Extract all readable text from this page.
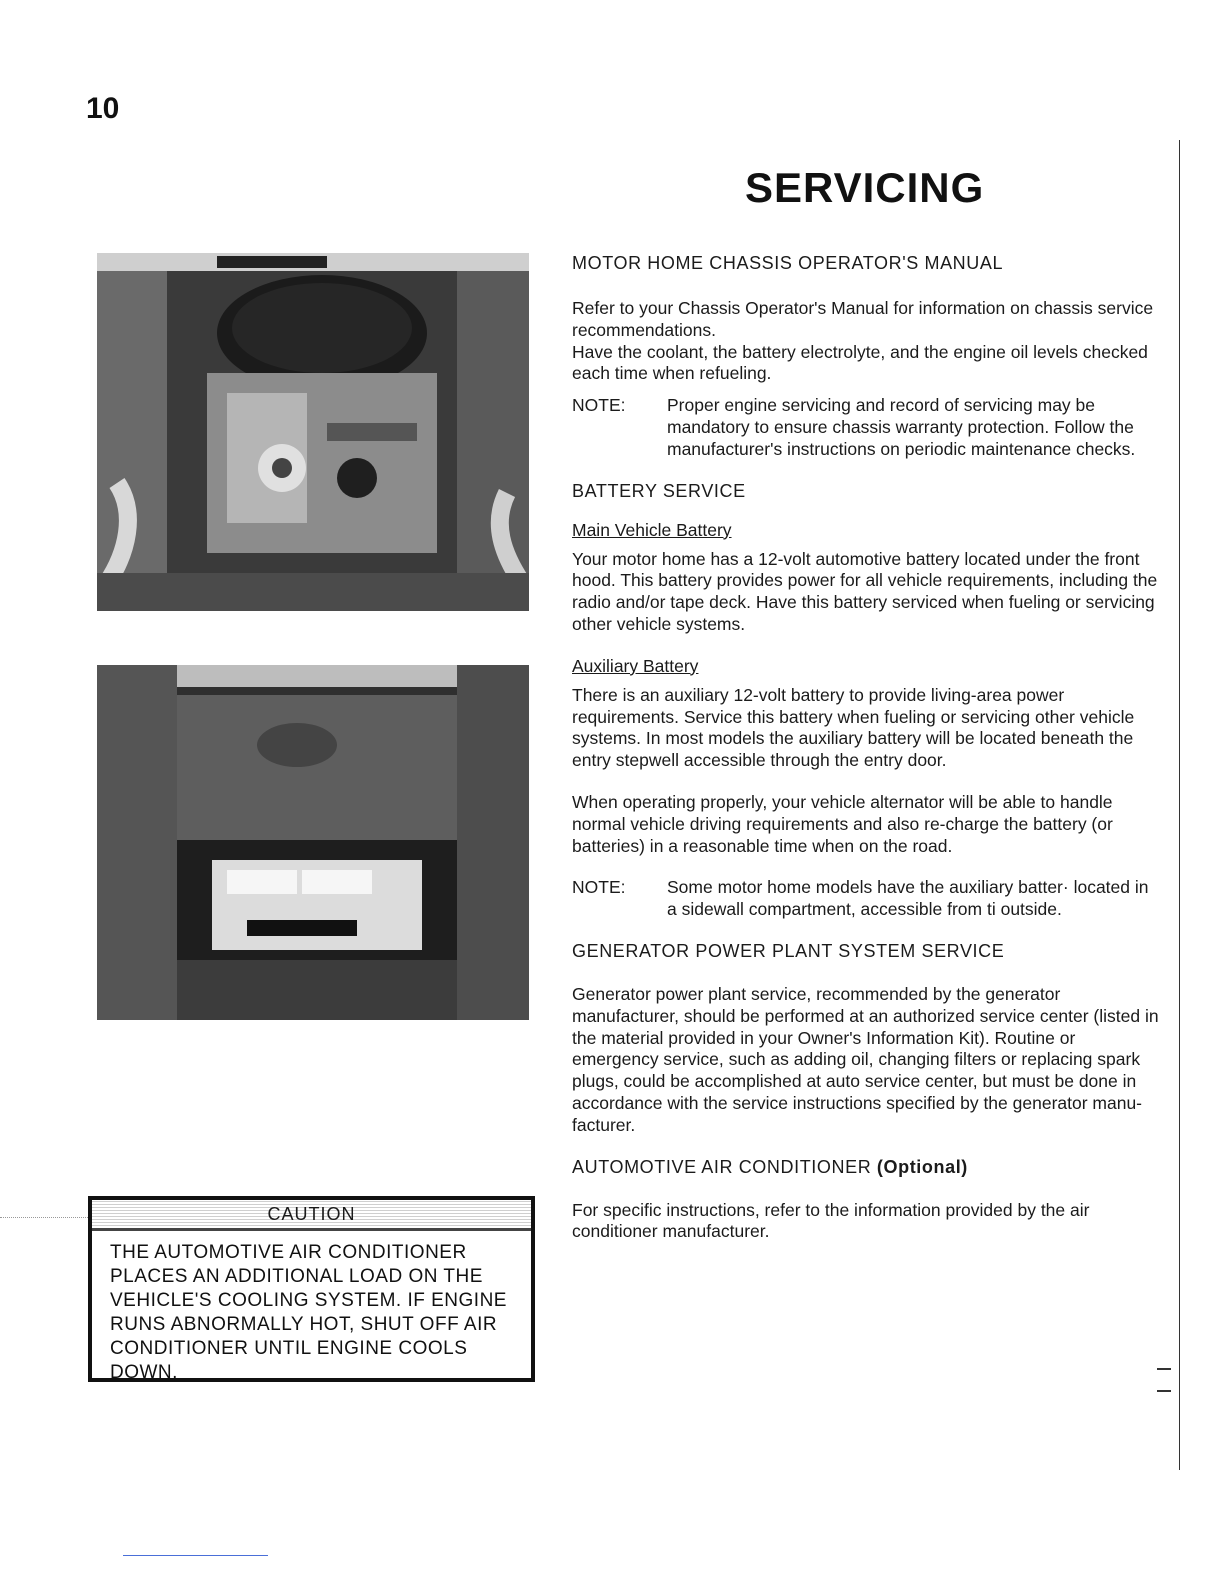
10
SERVICING
MOTOR HOME CHASSIS OPERATOR'S MANUAL

Refer to your Chassis Operator's Manual for information on chassis service recommendations.

Have the coolant, the battery electrolyte, and the engine oil levels checked each time when refueling.

NOTE:	Proper engine servicing and record of servicing may be mandatory to ensure chassis warranty protection. Follow the manufacturer's instructions on periodic maintenance checks.
BATTERY SERVICE
Main Vehicle Battery

Your motor home has a 12-volt automotive battery located under the front hood. This battery provides power for all vehicle requirements, including the radio and/or tape deck. Have this battery serviced when fueling or servicing other vehicle systems.

Auxiliary Battery

There is an auxiliary 12-volt battery to provide living-area power requirements. Service this battery when fueling or servicing other vehicle systems. In most models the auxiliary battery will be located beneath the entry stepwell accessible through the entry door.

When operating properly, your vehicle alternator will be able to handle normal vehicle driving requirements and also re-charge the battery (or batteries) in a reasonable time when on the road.

NOTE:	Some motor home models have the auxiliary batter· located in a sidewall compartment, accessible from ti outside.
GENERATOR POWER PLANT SYSTEM SERVICE

Generator power plant service, recommended by the generator manufacturer, should be performed at an authorized service center (listed in the material provided in your Owner's Information Kit). Routine or emergency service, such as adding oil, changing filters or replacing spark plugs, could be accomplished at auto service center, but must be done in accordance with the service instructions specified by the generator manu-facturer.

AUTOMOTIVE AIR CONDITIONER (Optional)

For specific instructions, refer to the information provided by the air conditioner manufacturer.

CAUTION
THE AUTOMOTIVE AIR CONDITIONER PLACES AN ADDITIONAL LOAD ON THE VEHICLE'S COOLING SYSTEM. IF ENGINE RUNS ABNORMALLY HOT, SHUT OFF AIR CONDITIONER UNTIL ENGINE COOLS DOWN.
